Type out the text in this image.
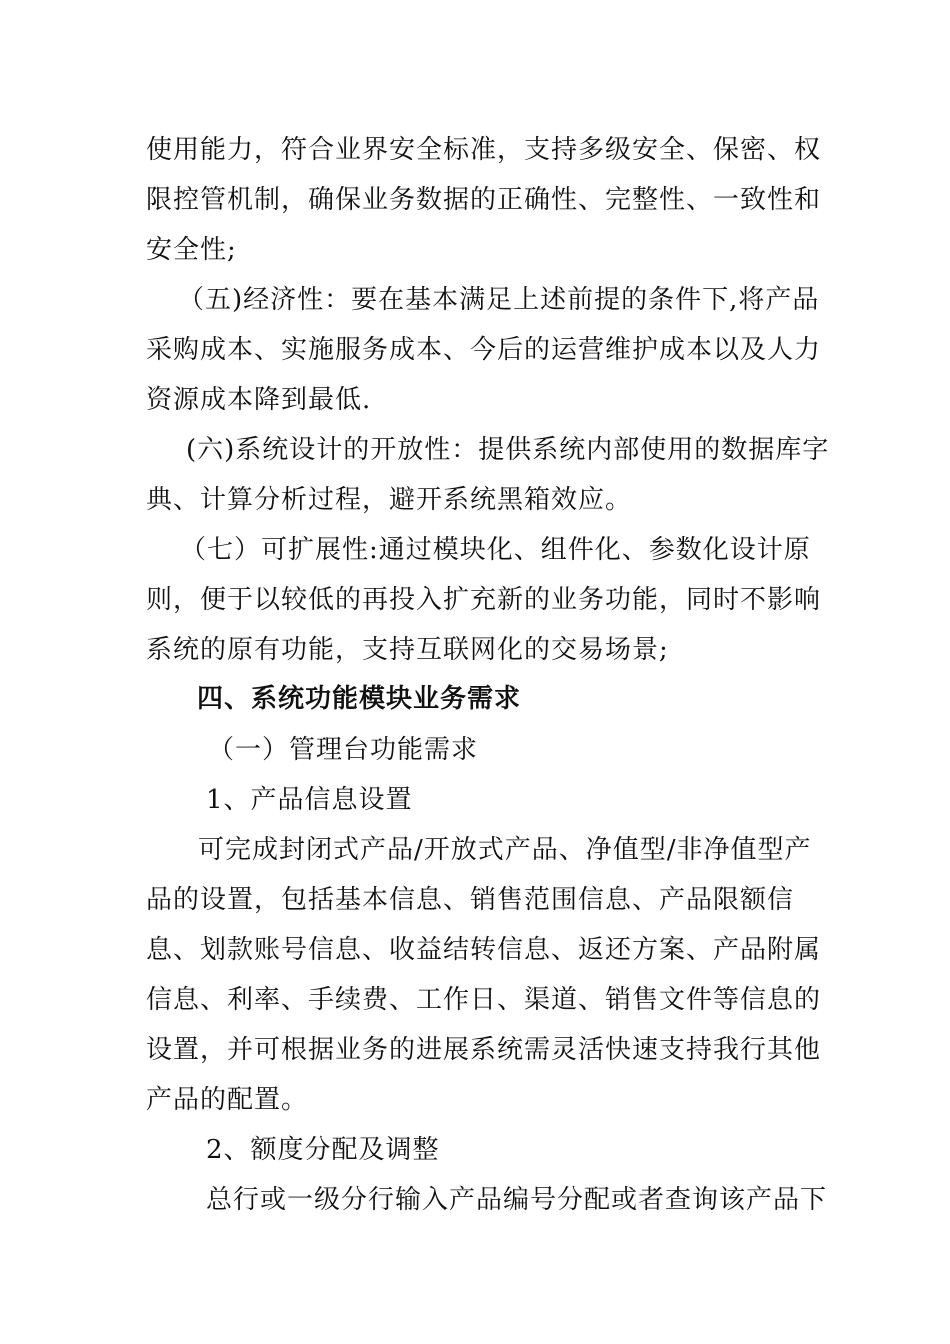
使用能力，符合业界安全标准，支持多级安全、保密、权
限控管机制，确保业务数据的正确性、完整性、一致性和
安全性;
（五)经济性：要在基本满足上述前提的条件下,将产品
采购成本、实施服务成本、今后的运营维护成本以及人力
资源成本降到最低.
(六)系统设计的开放性：提供系统内部使用的数据库字
典、计算分析过程，避开系统黑箱效应。
（七）可扩展性:通过模块化、组件化、参数化设计原
则，便于以较低的再投入扩充新的业务功能，同时不影响
系统的原有功能，支持互联网化的交易场景;
四、系统功能模块业务需求
（一）管理台功能需求
1、产品信息设置
可完成封闭式产品/开放式产品、净值型/非净值型产
品的设置，包括基本信息、销售范围信息、产品限额信
息、划款账号信息、收益结转信息、返还方案、产品附属
信息、利率、手续费、工作日、渠道、销售文件等信息的
设置，并可根据业务的进展系统需灵活快速支持我行其他
产品的配置。
2、额度分配及调整
总行或一级分行输入产品编号分配或者查询该产品下
